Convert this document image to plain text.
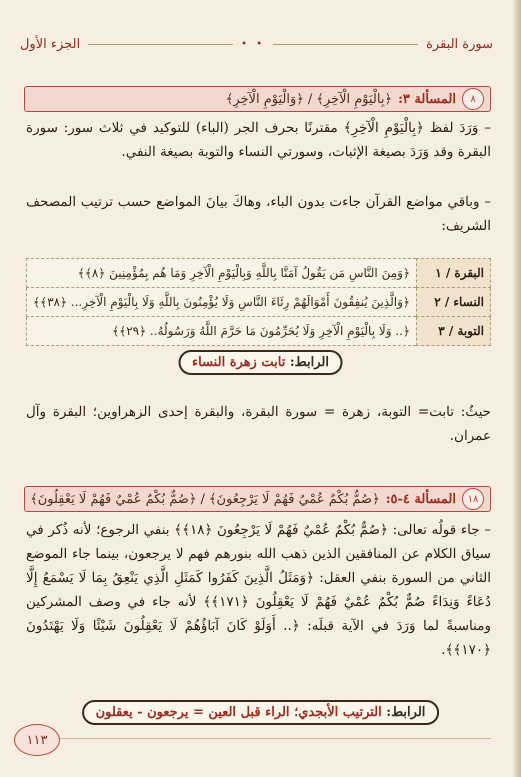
سورة البقرة
• •
الجزء الأول
٨
المسألة ٣:
﴿بِالْيَوْمِ الْآخِرِ﴾
/
﴿وَالْيَوْمِ الْآخِرِ﴾

– وَرَدَ لفظ ﴿بِالْيَوْمِ الْآخِرِ﴾ مقترنًا بحرف الجر (الباء) للتوكيد في ثلاث سور: سورة البقرة وقد وَرَدَ بصيغة الإثبات، وسورتي النساء والتوبة بصيغة النفي.

– وباقي مواضع القرآن جاءت بدون الباء، وهاكَ بيانَ المواضع حسب ترتيب المصحف الشريف:

البقرة / ١	﴿وَمِنَ النَّاسِ مَن يَقُولُ آمَنَّا بِاللَّهِ وَبِالْيَوْمِ الْآخِرِ وَمَا هُم بِمُؤْمِنِينَ ﴿٨﴾﴾
النساء / ٢	﴿وَالَّذِينَ يُنفِقُونَ أَمْوَالَهُمْ رِئَاءَ النَّاسِ وَلَا يُؤْمِنُونَ بِاللَّهِ وَلَا بِالْيَوْمِ الْآخِرِ... ﴿٣٨﴾﴾
التوبة / ٣	﴿.. وَلَا بِالْيَوْمِ الْآخِرِ وَلَا يُحَرِّمُونَ مَا حَرَّمَ اللَّهُ وَرَسُولُهُ.. ﴿٢٩﴾﴾
الرابط: تابت زهرة النساء

حيثُ: تابت= التوبة، زهرة = سورة البقرة، والبقرة إحدى الزهراوين؛ البقرة وآل عمران.

١٨
المسألة ٤-٥:
﴿صُمٌّ بُكْمٌ عُمْيٌ فَهُمْ لَا يَرْجِعُونَ﴾
/
﴿صُمٌّ بُكْمٌ عُمْيٌ فَهُمْ لَا يَعْقِلُونَ﴾

– جاء قولُه تعالى: ﴿صُمٌّ بُكْمٌ عُمْيٌ فَهُمْ لَا يَرْجِعُونَ ﴿١٨﴾﴾ بنفي الرجوع؛ لأنه ذُكر في سياق الكلام عن المنافقين الذين ذهب الله بنورهم فهم لا يرجعون، بينما جاء الموضع الثاني من السورة بنفي العقل: ﴿وَمَثَلُ الَّذِينَ كَفَرُوا كَمَثَلِ الَّذِي يَنْعِقُ بِمَا لَا يَسْمَعُ إِلَّا دُعَاءً وَنِدَاءً صُمٌّ بُكْمٌ عُمْيٌ فَهُمْ لَا يَعْقِلُونَ ﴿١٧١﴾﴾ لأنه جاء في وصف المشركين ومناسبةً لما وَرَدَ في الآية قبلَه: ﴿.. أَوَلَوْ كَانَ آبَاؤُهُمْ لَا يَعْقِلُونَ شَيْئًا وَلَا يَهْتَدُونَ ﴿١٧٠﴾﴾.

الرابط: الترتيب الأبجدي؛ الراء قبل العين = يرجعون - يعقلون
١١٣
